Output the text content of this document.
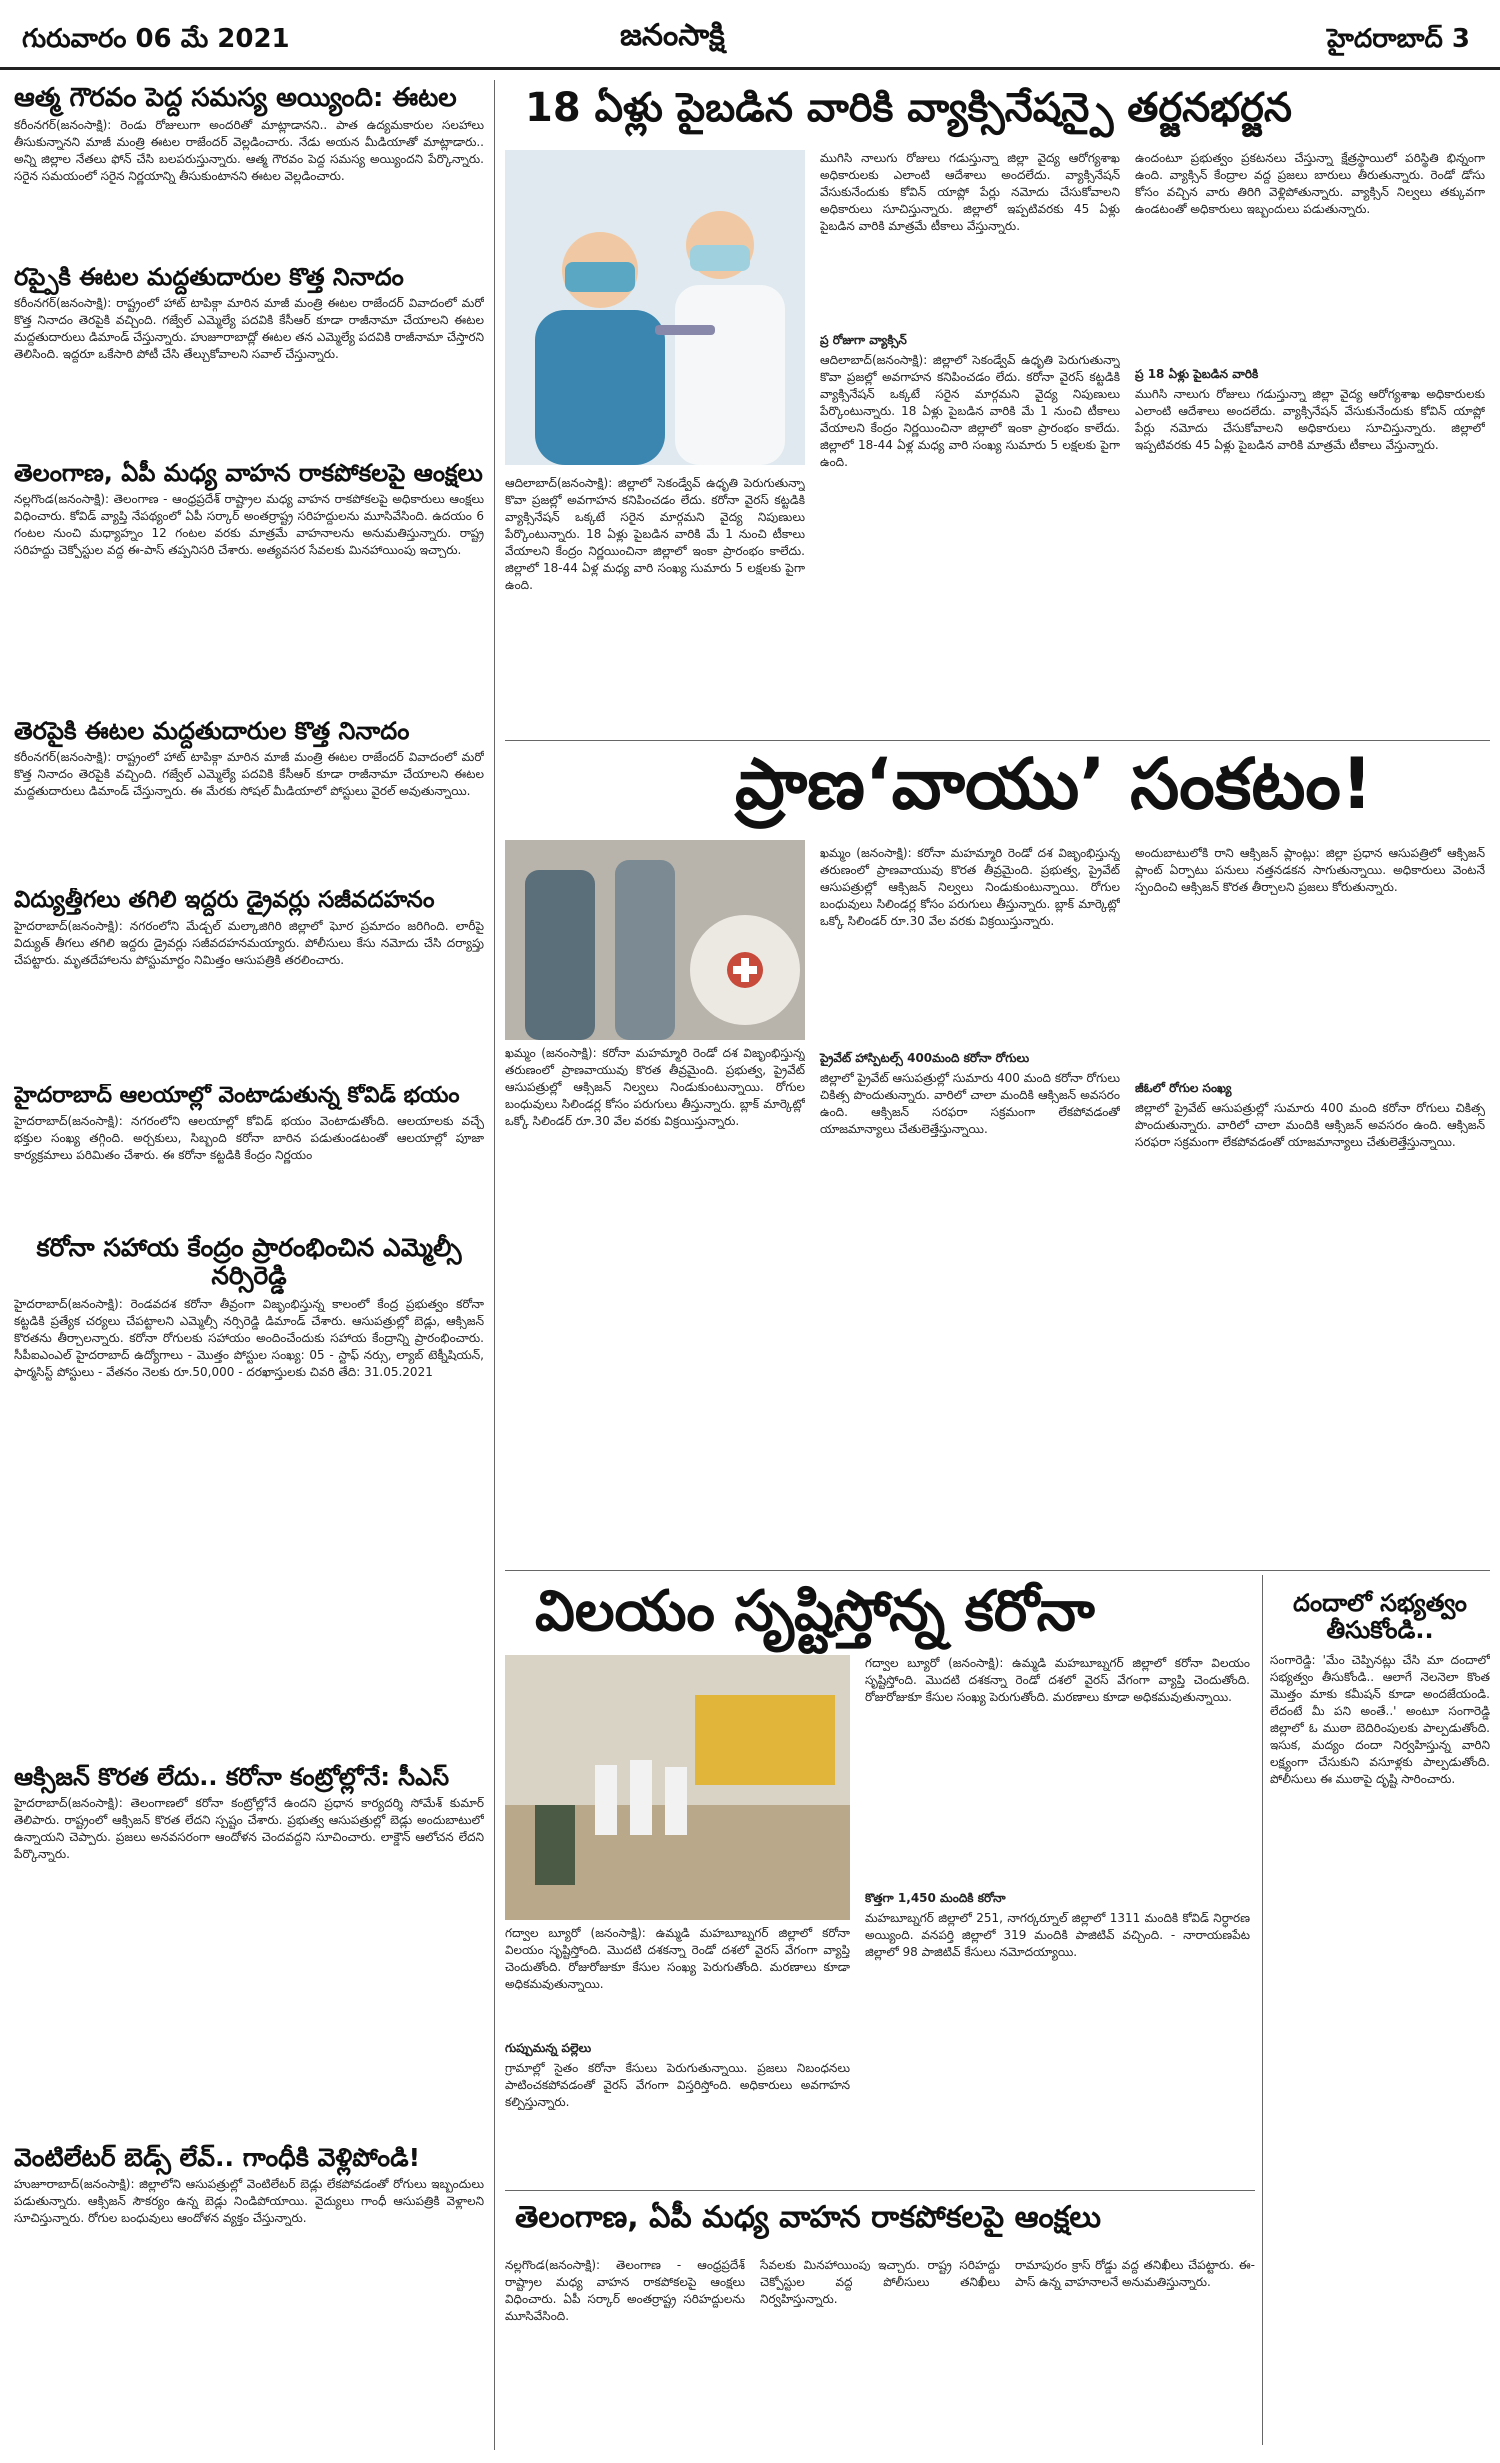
గురువారం 06 మే 2021	జనంసాక్షి	హైదరాబాద్ 3
ఆత్మ గౌరవం పెద్ద సమస్య అయ్యింది: ఈటల
కరీంనగర్(జనంసాక్షి): రెండు రోజులుగా అందరితో మాట్లాడానని.. పాత ఉద్యమకారుల సలహాలు తీసుకున్నానని మాజీ మంత్రి ఈటల రాజేందర్ వెల్లడించారు. నేడు అయన మీడియాతో మాట్లాడారు.. అన్ని జిల్లాల నేతలు ఫోన్ చేసి బలపరుస్తున్నారు. ఆత్మ గౌరవం పెద్ద సమస్య అయ్యిందని పేర్కొన్నారు. సరైన సమయంలో సరైన నిర్ణయాన్ని తీసుకుంటానని ఈటల వెల్లడించారు.
రప్పైకి ఈటల మద్దతుదారుల కొత్త నినాదం
కరీంనగర్(జనంసాక్షి): రాష్ట్రంలో హాట్ టాపిక్గా మారిన మాజీ మంత్రి ఈటల రాజేందర్ వివాదంలో మరో కొత్త నినాదం తెరపైకి వచ్చింది. గజ్వేల్ ఎమ్మెల్యే పదవికి కేసీఆర్ కూడా రాజీనామా చేయాలని ఈటల మద్దతుదారులు డిమాండ్ చేస్తున్నారు. హుజూరాబాద్లో ఈటల తన ఎమ్మెల్యే పదవికి రాజీనామా చేస్తారని తెలిసింది. ఇద్దరూ ఒకేసారి పోటీ చేసి తేల్చుకోవాలని సవాల్ చేస్తున్నారు.
తెలంగాణ, ఏపీ మధ్య వాహన రాకపోకలపై ఆంక్షలు
నల్లగొండ(జనంసాక్షి): తెలంగాణ - ఆంధ్రప్రదేశ్ రాష్ట్రాల మధ్య వాహన రాకపోకలపై అధికారులు ఆంక్షలు విధించారు. కోవిడ్ వ్యాప్తి నేపథ్యంలో ఏపీ సర్కార్ అంతర్రాష్ట్ర సరిహద్దులను మూసివేసింది. ఉదయం 6 గంటల నుంచి మధ్యాహ్నం 12 గంటల వరకు మాత్రమే వాహనాలను అనుమతిస్తున్నారు. రాష్ట్ర సరిహద్దు చెక్పోస్టుల వద్ద ఈ-పాస్ తప్పనిసరి చేశారు. అత్యవసర సేవలకు మినహాయింపు ఇచ్చారు.
తెరపైకి ఈటల మద్దతుదారుల కొత్త నినాదం
కరీంనగర్(జనంసాక్షి): రాష్ట్రంలో హాట్ టాపిక్గా మారిన మాజీ మంత్రి ఈటల రాజేందర్ వివాదంలో మరో కొత్త నినాదం తెరపైకి వచ్చింది. గజ్వేల్ ఎమ్మెల్యే పదవికి కేసీఆర్ కూడా రాజీనామా చేయాలని ఈటల మద్దతుదారులు డిమాండ్ చేస్తున్నారు. ఈ మేరకు సోషల్ మీడియాలో పోస్టులు వైరల్ అవుతున్నాయి.
విద్యుత్తీగలు తగిలి ఇద్దరు డ్రైవర్లు సజీవదహనం
హైదరాబాద్(జనంసాక్షి): నగరంలోని మేడ్చల్ మల్కాజిగిరి జిల్లాలో ఘోర ప్రమాదం జరిగింది. లారీపై విద్యుత్ తీగలు తగిలి ఇద్దరు డ్రైవర్లు సజీవదహనమయ్యారు. పోలీసులు కేసు నమోదు చేసి దర్యాప్తు చేపట్టారు. మృతదేహాలను పోస్టుమార్టం నిమిత్తం ఆసుపత్రికి తరలించారు.
హైదరాబాద్ ఆలయాల్లో వెంటాడుతున్న కోవిడ్ భయం
హైదరాబాద్(జనంసాక్షి): నగరంలోని ఆలయాల్లో కోవిడ్ భయం వెంటాడుతోంది. ఆలయాలకు వచ్చే భక్తుల సంఖ్య తగ్గింది. అర్చకులు, సిబ్బంది కరోనా బారిన పడుతుండటంతో ఆలయాల్లో పూజా కార్యక్రమాలు పరిమితం చేశారు. ఈ కరోనా కట్టడికి కేంద్రం నిర్ణయం
కరోనా సహాయ కేంద్రం ప్రారంభించిన ఎమ్మెల్సీ నర్సిరెడ్డి
హైదరాబాద్(జనంసాక్షి): రెండవదశ కరోనా తీవ్రంగా విజృంభిస్తున్న కాలంలో కేంద్ర ప్రభుత్వం కరోనా కట్టడికి ప్రత్యేక చర్యలు చేపట్టాలని ఎమ్మెల్సీ నర్సిరెడ్డి డిమాండ్ చేశారు. ఆసుపత్రుల్లో బెడ్లు, ఆక్సిజన్ కొరతను తీర్చాలన్నారు. కరోనా రోగులకు సహాయం అందించేందుకు సహాయ కేంద్రాన్ని ప్రారంభించారు. సీపీఐఎంఎల్ హైదరాబాద్ ఉద్యోగాలు - మొత్తం పోస్టుల సంఖ్య: 05 - స్టాఫ్ నర్సు, ల్యాబ్ టెక్నీషియన్, ఫార్మసిస్ట్ పోస్టులు - వేతనం నెలకు రూ.50,000 - దరఖాస్తులకు చివరి తేది: 31.05.2021
ఆక్సిజన్ కొరత లేదు.. కరోనా కంట్రోల్లోనే: సీఎస్
హైదరాబాద్(జనంసాక్షి): తెలంగాణలో కరోనా కంట్రోల్లోనే ఉందని ప్రధాన కార్యదర్శి సోమేశ్ కుమార్ తెలిపారు. రాష్ట్రంలో ఆక్సిజన్ కొరత లేదని స్పష్టం చేశారు. ప్రభుత్వ ఆసుపత్రుల్లో బెడ్లు అందుబాటులో ఉన్నాయని చెప్పారు. ప్రజలు అనవసరంగా ఆందోళన చెందవద్దని సూచించారు. లాక్డౌన్ ఆలోచన లేదని పేర్కొన్నారు.
వెంటిలేటర్ బెడ్స్ లేవ్.. గాంధీకి వెళ్లిపోండి!
హుజూరాబాద్(జనంసాక్షి): జిల్లాలోని ఆసుపత్రుల్లో వెంటిలేటర్ బెడ్లు లేకపోవడంతో రోగులు ఇబ్బందులు పడుతున్నారు. ఆక్సిజన్ సౌకర్యం ఉన్న బెడ్లు నిండిపోయాయి. వైద్యులు గాంధీ ఆసుపత్రికి వెళ్లాలని సూచిస్తున్నారు. రోగుల బంధువులు ఆందోళన వ్యక్తం చేస్తున్నారు.
18 ఏళ్లు పైబడిన వారికి వ్యాక్సినేషన్పై తర్జనభర్జన
ఆదిలాబాద్(జనంసాక్షి): జిల్లాలో సెకండ్వేవ్ ఉధృతి పెరుగుతున్నా కొవా ప్రజల్లో అవగాహన కనిపించడం లేదు. కరోనా వైరస్ కట్టడికి వ్యాక్సినేషన్ ఒక్కటే సరైన మార్గమని వైద్య నిపుణులు పేర్కొంటున్నారు. 18 ఏళ్లు పైబడిన వారికి మే 1 నుంచి టీకాలు వేయాలని కేంద్రం నిర్ణయించినా జిల్లాలో ఇంకా ప్రారంభం కాలేదు. జిల్లాలో 18-44 ఏళ్ల మధ్య వారి సంఖ్య సుమారు 5 లక్షలకు పైగా ఉంది.
ముగిసి నాలుగు రోజులు గడుస్తున్నా జిల్లా వైద్య ఆరోగ్యశాఖ అధికారులకు ఎలాంటి ఆదేశాలు అందలేదు. వ్యాక్సినేషన్ వేసుకునేందుకు కోవిన్ యాప్లో పేర్లు నమోదు చేసుకోవాలని అధికారులు సూచిస్తున్నారు. జిల్లాలో ఇప్పటివరకు 45 ఏళ్లు పైబడిన వారికి మాత్రమే టీకాలు వేస్తున్నారు.
ప్ర రోజుగా వ్యాక్సిన్
ఆదిలాబాద్(జనంసాక్షి): జిల్లాలో సెకండ్వేవ్ ఉధృతి పెరుగుతున్నా కొవా ప్రజల్లో అవగాహన కనిపించడం లేదు. కరోనా వైరస్ కట్టడికి వ్యాక్సినేషన్ ఒక్కటే సరైన మార్గమని వైద్య నిపుణులు పేర్కొంటున్నారు. 18 ఏళ్లు పైబడిన వారికి మే 1 నుంచి టీకాలు వేయాలని కేంద్రం నిర్ణయించినా జిల్లాలో ఇంకా ప్రారంభం కాలేదు. జిల్లాలో 18-44 ఏళ్ల మధ్య వారి సంఖ్య సుమారు 5 లక్షలకు పైగా ఉంది.
ఉందంటూ ప్రభుత్వం ప్రకటనలు చేస్తున్నా క్షేత్రస్థాయిలో పరిస్థితి భిన్నంగా ఉంది. వ్యాక్సిన్ కేంద్రాల వద్ద ప్రజలు బారులు తీరుతున్నారు. రెండో డోసు కోసం వచ్చిన వారు తిరిగి వెళ్లిపోతున్నారు. వ్యాక్సిన్ నిల్వలు తక్కువగా ఉండటంతో అధికారులు ఇబ్బందులు పడుతున్నారు.
ప్ర 18 ఏళ్లు పైబడిన వారికి
ముగిసి నాలుగు రోజులు గడుస్తున్నా జిల్లా వైద్య ఆరోగ్యశాఖ అధికారులకు ఎలాంటి ఆదేశాలు అందలేదు. వ్యాక్సినేషన్ వేసుకునేందుకు కోవిన్ యాప్లో పేర్లు నమోదు చేసుకోవాలని అధికారులు సూచిస్తున్నారు. జిల్లాలో ఇప్పటివరకు 45 ఏళ్లు పైబడిన వారికి మాత్రమే టీకాలు వేస్తున్నారు.
ప్రాణ‘వాయు’ సంకటం!
ఖమ్మం (జనంసాక్షి): కరోనా మహమ్మారి రెండో దశ విజృంభిస్తున్న తరుణంలో ప్రాణవాయువు కొరత తీవ్రమైంది. ప్రభుత్వ, ప్రైవేట్ ఆసుపత్రుల్లో ఆక్సిజన్ నిల్వలు నిండుకుంటున్నాయి. రోగుల బంధువులు సిలిండర్ల కోసం పరుగులు తీస్తున్నారు. బ్లాక్ మార్కెట్లో ఒక్కో సిలిండర్ రూ.30 వేల వరకు విక్రయిస్తున్నారు.
ఖమ్మం (జనంసాక్షి): కరోనా మహమ్మారి రెండో దశ విజృంభిస్తున్న తరుణంలో ప్రాణవాయువు కొరత తీవ్రమైంది. ప్రభుత్వ, ప్రైవేట్ ఆసుపత్రుల్లో ఆక్సిజన్ నిల్వలు నిండుకుంటున్నాయి. రోగుల బంధువులు సిలిండర్ల కోసం పరుగులు తీస్తున్నారు. బ్లాక్ మార్కెట్లో ఒక్కో సిలిండర్ రూ.30 వేల వరకు విక్రయిస్తున్నారు.
ప్రైవేట్ హాస్పిటల్స్ 400మంది కరోనా రోగులు
జిల్లాలో ప్రైవేట్ ఆసుపత్రుల్లో సుమారు 400 మంది కరోనా రోగులు చికిత్స పొందుతున్నారు. వారిలో చాలా మందికి ఆక్సిజన్ అవసరం ఉంది. ఆక్సిజన్ సరఫరా సక్రమంగా లేకపోవడంతో యాజమాన్యాలు చేతులెత్తేస్తున్నాయి.
అందుబాటులోకి రాని ఆక్సిజన్ ప్లాంట్లు: జిల్లా ప్రధాన ఆసుపత్రిలో ఆక్సిజన్ ప్లాంట్ ఏర్పాటు పనులు నత్తనడకన సాగుతున్నాయి. అధికారులు వెంటనే స్పందించి ఆక్సిజన్ కొరత తీర్చాలని ప్రజలు కోరుతున్నారు.
జీఓలో రోగుల సంఖ్య
జిల్లాలో ప్రైవేట్ ఆసుపత్రుల్లో సుమారు 400 మంది కరోనా రోగులు చికిత్స పొందుతున్నారు. వారిలో చాలా మందికి ఆక్సిజన్ అవసరం ఉంది. ఆక్సిజన్ సరఫరా సక్రమంగా లేకపోవడంతో యాజమాన్యాలు చేతులెత్తేస్తున్నాయి.
విలయం సృష్టిస్తోన్న కరోనా
గద్వాల బ్యూరో (జనంసాక్షి): ఉమ్మడి మహబూబ్నగర్ జిల్లాలో కరోనా విలయం సృష్టిస్తోంది. మొదటి దశకన్నా రెండో దశలో వైరస్ వేగంగా వ్యాప్తి చెందుతోంది. రోజురోజుకూ కేసుల సంఖ్య పెరుగుతోంది. మరణాలు కూడా అధికమవుతున్నాయి.
గుప్పుమన్న పల్లెలు
గ్రామాల్లో సైతం కరోనా కేసులు పెరుగుతున్నాయి. ప్రజలు నిబంధనలు పాటించకపోవడంతో వైరస్ వేగంగా విస్తరిస్తోంది. అధికారులు అవగాహన కల్పిస్తున్నారు.
గద్వాల బ్యూరో (జనంసాక్షి): ఉమ్మడి మహబూబ్నగర్ జిల్లాలో కరోనా విలయం సృష్టిస్తోంది. మొదటి దశకన్నా రెండో దశలో వైరస్ వేగంగా వ్యాప్తి చెందుతోంది. రోజురోజుకూ కేసుల సంఖ్య పెరుగుతోంది. మరణాలు కూడా అధికమవుతున్నాయి.
కొత్తగా 1,450 మందికి కరోనా
మహబూబ్నగర్ జిల్లాలో 251, నాగర్కర్నూల్ జిల్లాలో 1311 మందికి కోవిడ్ నిర్ధారణ అయ్యింది. వనపర్తి జిల్లాలో 319 మందికి పాజిటివ్ వచ్చింది. - నారాయణపేట జిల్లాలో 98 పాజిటివ్ కేసులు నమోదయ్యాయి.
దందాలో సభ్యత్వం తీసుకోండి..
సంగారెడ్డి: 'మేం చెప్పినట్లు చేసి మా దందాలో సభ్యత్వం తీసుకోండి.. ఆలాగే నెలనెలా కొంత మొత్తం మాకు కమీషన్ కూడా అందజేయండి. లేదంటే మీ పని అంతే..' అంటూ సంగారెడ్డి జిల్లాలో ఓ ముఠా బెదిరింపులకు పాల్పడుతోంది. ఇసుక, మద్యం దందా నిర్వహిస్తున్న వారిని లక్ష్యంగా చేసుకుని వసూళ్లకు పాల్పడుతోంది. పోలీసులు ఈ ముఠాపై దృష్టి సారించారు.
తెలంగాణ, ఏపీ మధ్య వాహన రాకపోకలపై ఆంక్షలు
నల్లగొండ(జనంసాక్షి): తెలంగాణ - ఆంధ్రప్రదేశ్ రాష్ట్రాల మధ్య వాహన రాకపోకలపై ఆంక్షలు విధించారు. ఏపీ సర్కార్ అంతర్రాష్ట్ర సరిహద్దులను మూసివేసింది.
సేవలకు మినహాయింపు ఇచ్చారు. రాష్ట్ర సరిహద్దు చెక్పోస్టుల వద్ద పోలీసులు తనిఖీలు నిర్వహిస్తున్నారు.
రామాపురం క్రాస్ రోడ్డు వద్ద తనిఖీలు చేపట్టారు. ఈ-పాస్ ఉన్న వాహనాలనే అనుమతిస్తున్నారు.
